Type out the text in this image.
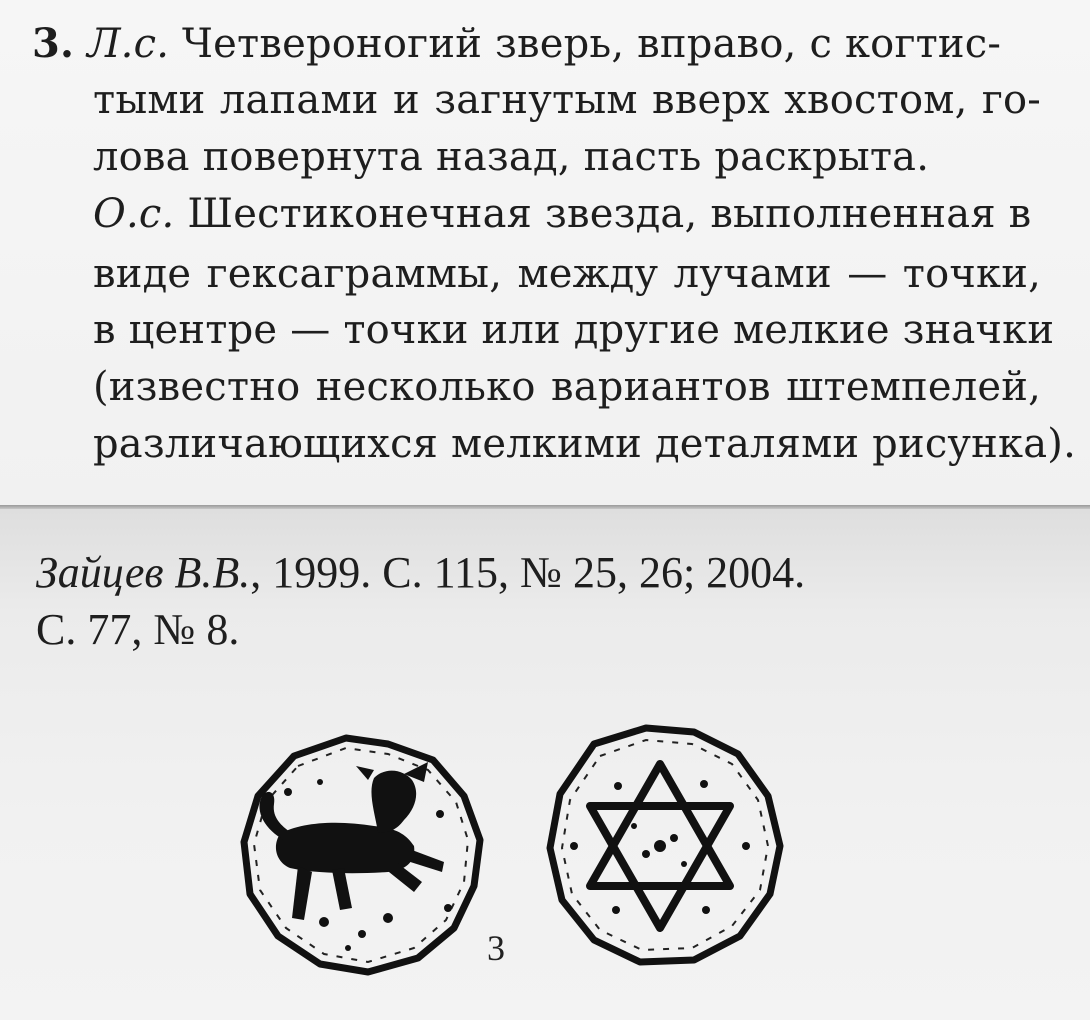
3. Л.с. Четвероногий зверь, вправо, с когтис-
тыми лапами и загнутым вверх хвостом, го-
лова повернута назад, пасть раскрыта.
О.с. Шестиконечная звезда, выполненная в
виде гексаграммы, между лучами — точки,
в центре — точки или другие мелкие значки
(известно несколько вариантов штемпелей,
различающихся мелкими деталями рисунка).
Зайцев В.В., 1999. С. 115, № 25, 26; 2004.
С. 77, № 8.
3
